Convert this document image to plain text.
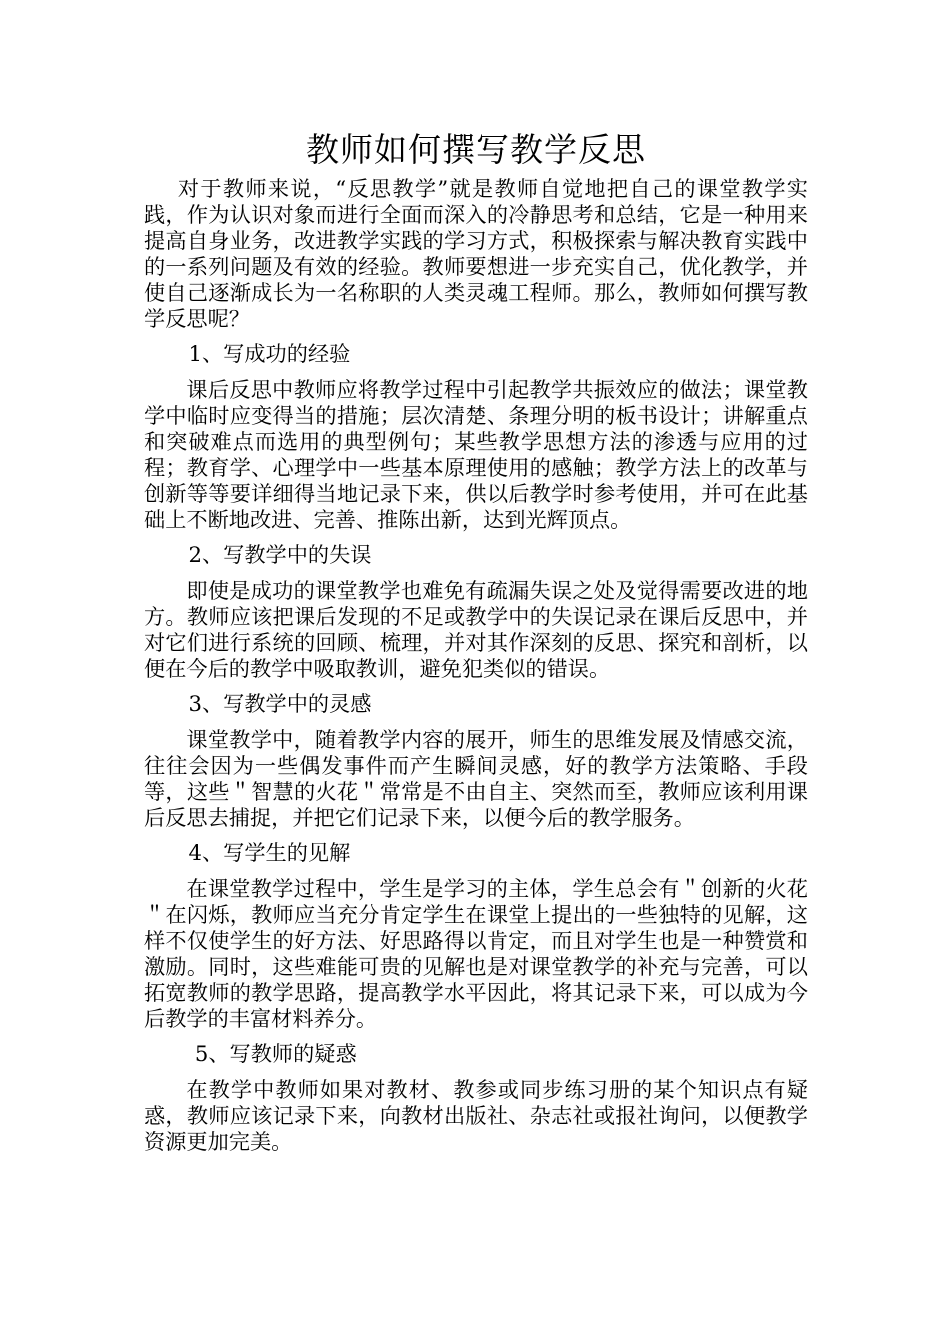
教师如何撰写教学反思

对于教师来说，“反思教学”就是教师自觉地把自己的课堂教学实践，作为认识对象而进行全面而深入的冷静思考和总结，它是一种用来提高自身业务，改进教学实践的学习方式，积极探索与解决教育实践中的一系列问题及有效的经验。教师要想进一步充实自己，优化教学，并使自己逐渐成长为一名称职的人类灵魂工程师。那么，教师如何撰写教学反思呢？

1、写成功的经验

课后反思中教师应将教学过程中引起教学共振效应的做法；课堂教学中临时应变得当的措施；层次清楚、条理分明的板书设计；讲解重点和突破难点而选用的典型例句；某些教学思想方法的渗透与应用的过程；教育学、心理学中一些基本原理使用的感触；教学方法上的改革与创新等等要详细得当地记录下来，供以后教学时参考使用，并可在此基础上不断地改进、完善、推陈出新，达到光辉顶点。

2、写教学中的失误

即使是成功的课堂教学也难免有疏漏失误之处及觉得需要改进的地方。教师应该把课后发现的不足或教学中的失误记录在课后反思中，并对它们进行系统的回顾、梳理，并对其作深刻的反思、探究和剖析，以便在今后的教学中吸取教训，避免犯类似的错误。

3、写教学中的灵感

课堂教学中，随着教学内容的展开，师生的思维发展及情感交流，往往会因为一些偶发事件而产生瞬间灵感，好的教学方法策略、手段等，这些＂智慧的火花＂常常是不由自主、突然而至，教师应该利用课后反思去捕捉，并把它们记录下来，以便今后的教学服务。

4、写学生的见解

在课堂教学过程中，学生是学习的主体，学生总会有＂创新的火花＂在闪烁，教师应当充分肯定学生在课堂上提出的一些独特的见解，这样不仅使学生的好方法、好思路得以肯定，而且对学生也是一种赞赏和激励。同时，这些难能可贵的见解也是对课堂教学的补充与完善，可以拓宽教师的教学思路，提高教学水平因此，将其记录下来，可以成为今后教学的丰富材料养分。

5、写教师的疑惑

在教学中教师如果对教材、教参或同步练习册的某个知识点有疑惑，教师应该记录下来，向教材出版社、杂志社或报社询问，以便教学资源更加完美。
